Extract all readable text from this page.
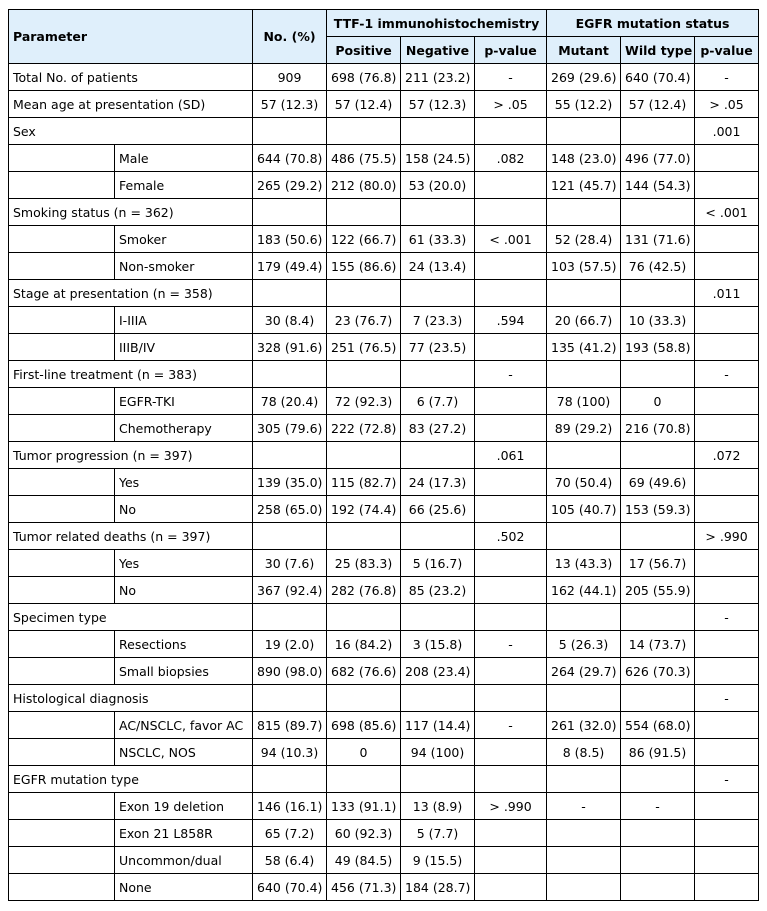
Parameter		No. (%)	TTF-1 immunohistochemistry			EGFR mutation status		
			Positive	Negative	p-value	Mutant	Wild type	p-value
Total No. of patients		909	698 (76.8)	211 (23.2)	-	269 (29.6)	640 (70.4)	-
Mean age at presentation (SD)		57 (12.3)	57 (12.4)	57 (12.3)	> .05	55 (12.2)	57 (12.4)	> .05
Sex								.001
	Male	644 (70.8)	486 (75.5)	158 (24.5)	.082	148 (23.0)	496 (77.0)	
	Female	265 (29.2)	212 (80.0)	53 (20.0)		121 (45.7)	144 (54.3)	
Smoking status (n = 362)								< .001
	Smoker	183 (50.6)	122 (66.7)	61 (33.3)	< .001	52 (28.4)	131 (71.6)	
	Non-smoker	179 (49.4)	155 (86.6)	24 (13.4)		103 (57.5)	76 (42.5)	
Stage at presentation (n = 358)								.011
	I-IIIA	30 (8.4)	23 (76.7)	7 (23.3)	.594	20 (66.7)	10 (33.3)	
	IIIB/IV	328 (91.6)	251 (76.5)	77 (23.5)		135 (41.2)	193 (58.8)	
First-line treatment (n = 383)					-			-
	EGFR-TKI	78 (20.4)	72 (92.3)	6 (7.7)		78 (100)	0	
	Chemotherapy	305 (79.6)	222 (72.8)	83 (27.2)		89 (29.2)	216 (70.8)	
Tumor progression (n = 397)					.061			.072
	Yes	139 (35.0)	115 (82.7)	24 (17.3)		70 (50.4)	69 (49.6)	
	No	258 (65.0)	192 (74.4)	66 (25.6)		105 (40.7)	153 (59.3)	
Tumor related deaths (n = 397)					.502			> .990
	Yes	30 (7.6)	25 (83.3)	5 (16.7)		13 (43.3)	17 (56.7)	
	No	367 (92.4)	282 (76.8)	85 (23.2)		162 (44.1)	205 (55.9)	
Specimen type								-
	Resections	19 (2.0)	16 (84.2)	3 (15.8)	-	5 (26.3)	14 (73.7)	
	Small biopsies	890 (98.0)	682 (76.6)	208 (23.4)		264 (29.7)	626 (70.3)	
Histological diagnosis								-
	AC/NSCLC, favor AC	815 (89.7)	698 (85.6)	117 (14.4)	-	261 (32.0)	554 (68.0)	
	NSCLC, NOS	94 (10.3)	0	94 (100)		8 (8.5)	86 (91.5)	
EGFR mutation type								-
	Exon 19 deletion	146 (16.1)	133 (91.1)	13 (8.9)	> .990	-	-	
	Exon 21 L858R	65 (7.2)	60 (92.3)	5 (7.7)				
	Uncommon/dual	58 (6.4)	49 (84.5)	9 (15.5)				
	None	640 (70.4)	456 (71.3)	184 (28.7)				
